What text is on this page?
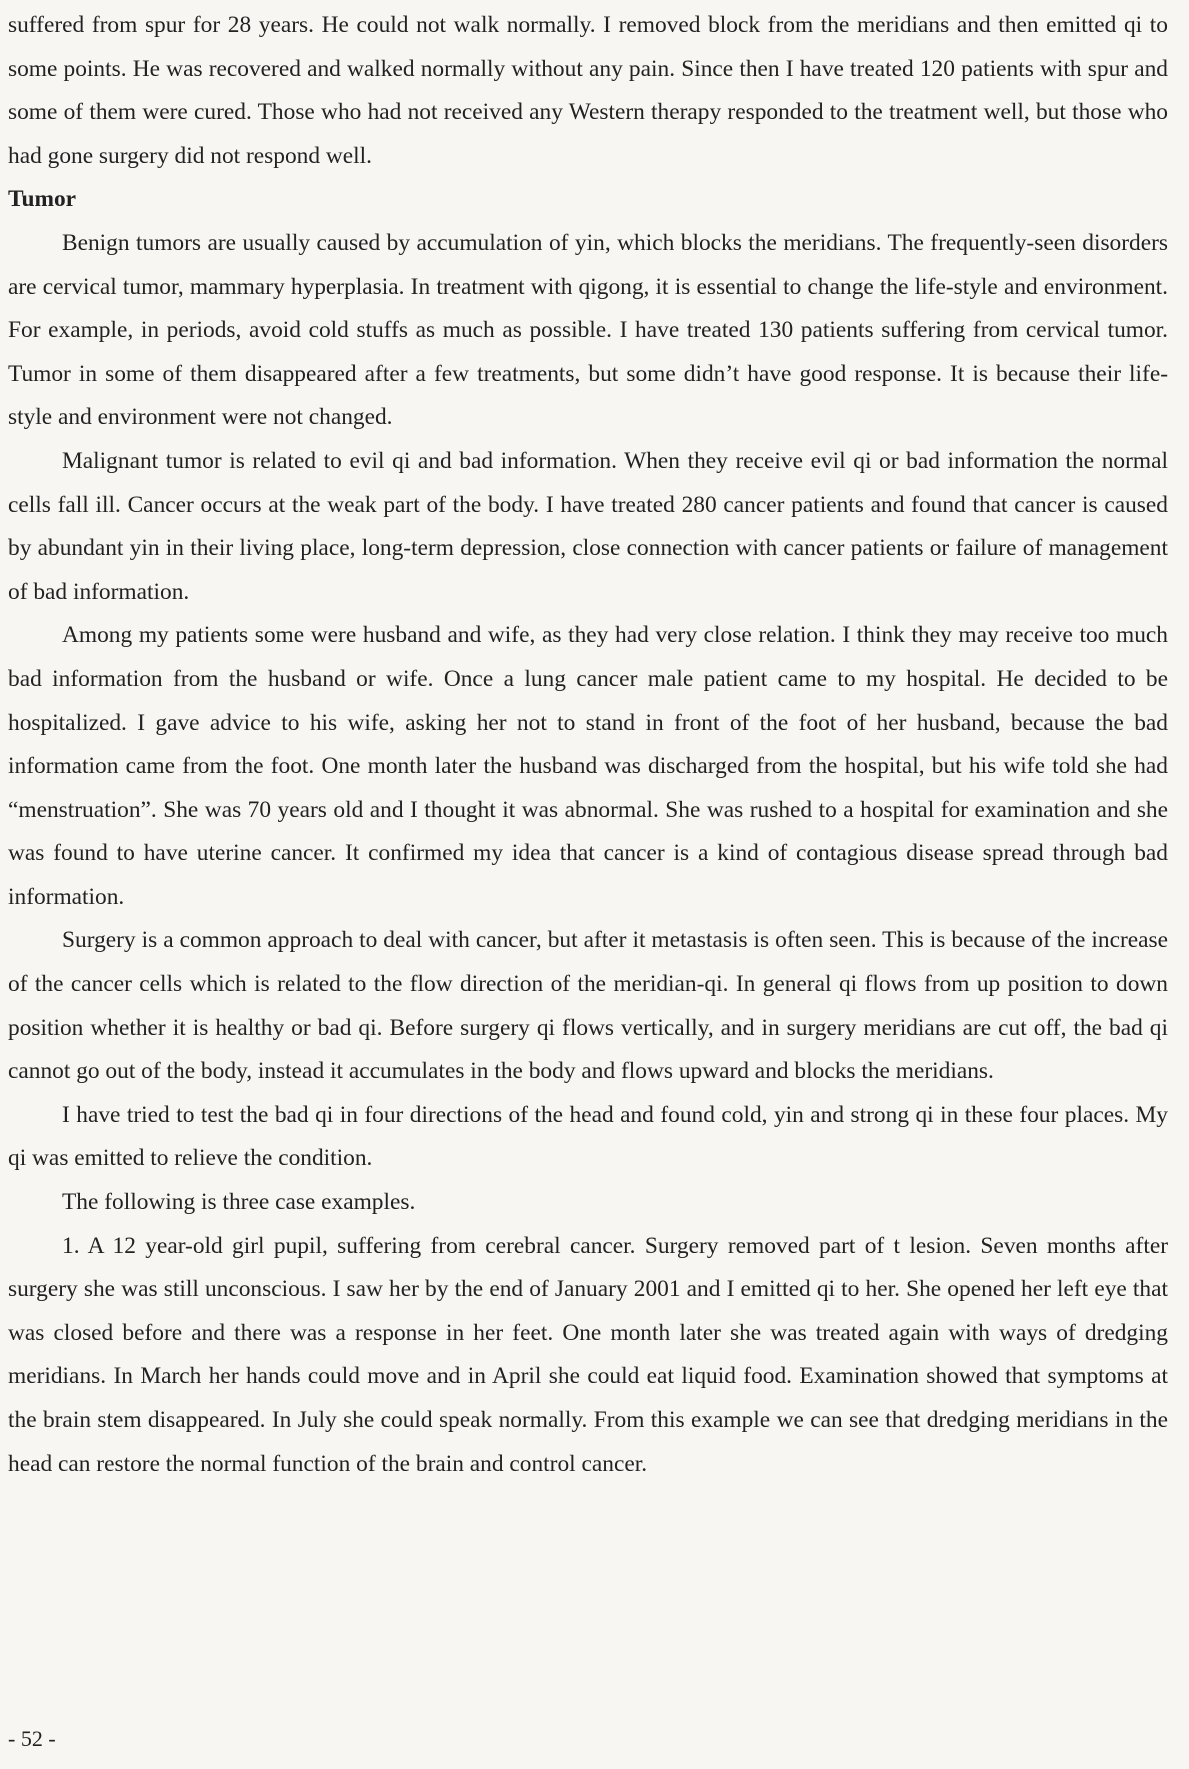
suffered from spur for 28 years. He could not walk normally. I removed block from the meridians and then emitted qi to some points. He was recovered and walked normally without any pain. Since then I have treated 120 patients with spur and some of them were cured. Those who had not received any Western therapy responded to the treatment well, but those who had gone surgery did not respond well.

Tumor

Benign tumors are usually caused by accumulation of yin, which blocks the meridians. The frequently-seen disorders are cervical tumor, mammary hyperplasia. In treatment with qigong, it is essential to change the life-style and environment. For example, in periods, avoid cold stuffs as much as possible. I have treated 130 patients suffering from cervical tumor. Tumor in some of them disappeared after a few treatments, but some didn’t have good response. It is because their life-style and environment were not changed.

Malignant tumor is related to evil qi and bad information. When they receive evil qi or bad information the normal cells fall ill. Cancer occurs at the weak part of the body. I have treated 280 cancer patients and found that cancer is caused by abundant yin in their living place, long-term depression, close connection with cancer patients or failure of management of bad information.

Among my patients some were husband and wife, as they had very close relation. I think they may receive too much bad information from the husband or wife. Once a lung cancer male patient came to my hospital. He decided to be hospitalized. I gave advice to his wife, asking her not to stand in front of the foot of her husband, because the bad information came from the foot. One month later the husband was discharged from the hospital, but his wife told she had “menstruation”. She was 70 years old and I thought it was abnormal. She was rushed to a hospital for examination and she was found to have uterine cancer. It confirmed my idea that cancer is a kind of contagious disease spread through bad information.

Surgery is a common approach to deal with cancer, but after it metastasis is often seen. This is because of the increase of the cancer cells which is related to the flow direction of the meridian-qi. In general qi flows from up position to down position whether it is healthy or bad qi. Before surgery qi flows vertically, and in surgery meridians are cut off, the bad qi cannot go out of the body, instead it accumulates in the body and flows upward and blocks the meridians.

I have tried to test the bad qi in four directions of the head and found cold, yin and strong qi in these four places. My qi was emitted to relieve the condition.

The following is three case examples.

1. A 12 year-old girl pupil, suffering from cerebral cancer. Surgery removed part of t lesion. Seven months after surgery she was still unconscious. I saw her by the end of January 2001 and I emitted qi to her. She opened her left eye that was closed before and there was a response in her feet. One month later she was treated again with ways of dredging meridians. In March her hands could move and in April she could eat liquid food. Examination showed that symptoms at the brain stem disappeared. In July she could speak normally. From this example we can see that dredging meridians in the head can restore the normal function of the brain and control cancer.

- 52 -
